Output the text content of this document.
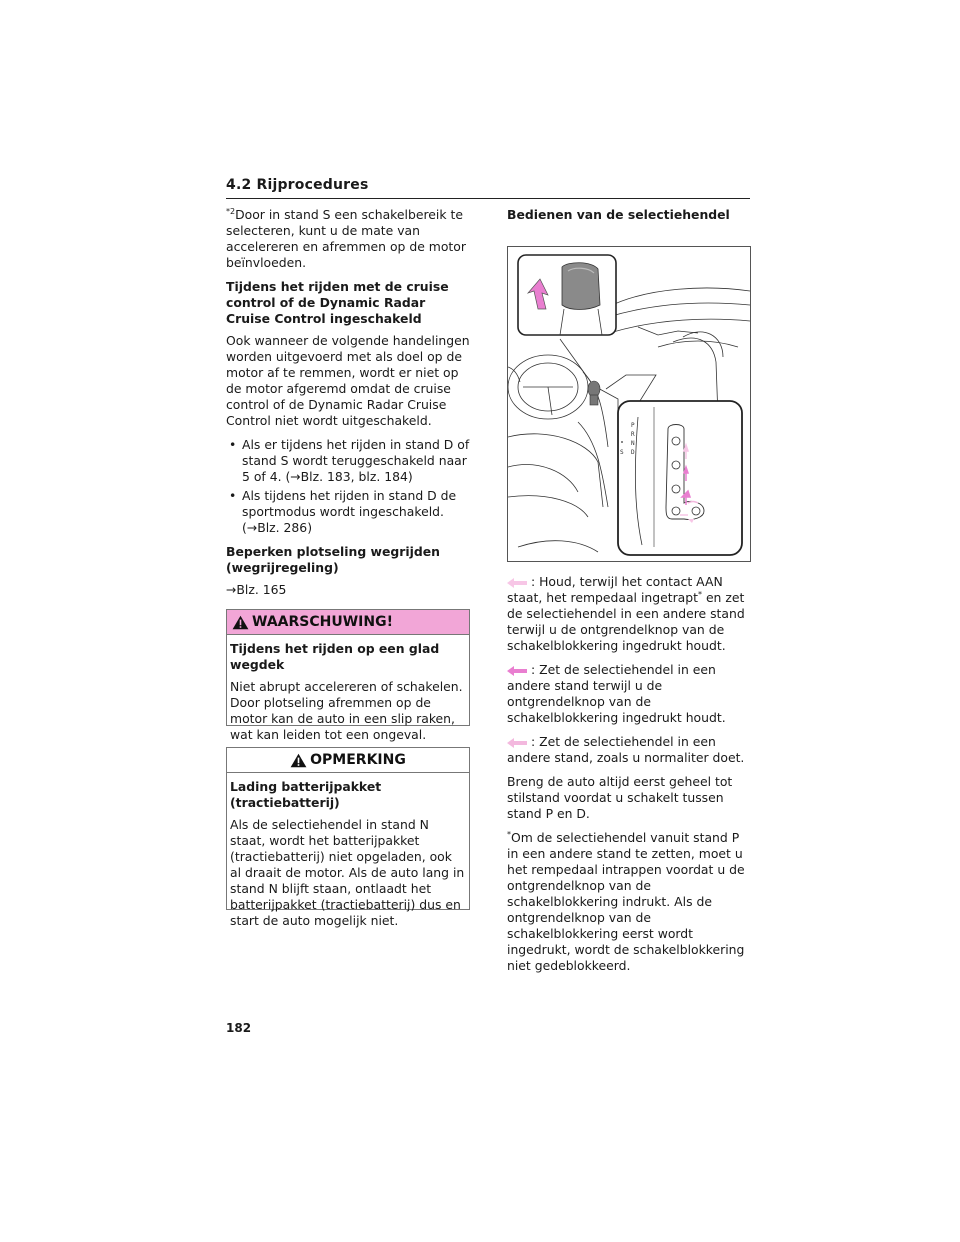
4.2 Rijprocedures

$^{*2}$Door in stand S een schakelbereik te selecteren, kunt u de mate van accelereren en afremmen op de motor beïnvloeden.

Tijdens het rijden met de cruise control of de Dynamic Radar Cruise Control ingeschakeld

Ook wanneer de volgende handelingen worden uitgevoerd met als doel op de motor af te remmen, wordt er niet op de motor afgeremd omdat de cruise control of de Dynamic Radar Cruise Control niet wordt uitgeschakeld.

• Als er tijdens het rijden in stand D of stand S wordt teruggeschakeld naar 5 of 4. (→Blz. 183, blz. 184)
• Als tijdens het rijden in stand D de sportmodus wordt ingeschakeld. (→Blz. 286)

Beperken plotseling wegrijden (wegrijregeling)

→Blz. 165

WAARSCHUWING!

Tijdens het rijden op een glad wegdek

Niet abrupt accelereren of schakelen. Door plotseling afremmen op de motor kan de auto in een slip raken, wat kan leiden tot een ongeval.

OPMERKING

Lading batterijpakket (tractiebatterij)

Als de selectiehendel in stand N staat, wordt het batterijpakket (tractiebatterij) niet opgeladen, ook al draait de motor. Als de auto lang in stand N blijft staan, ontlaadt het batterijpakket (tractiebatterij) dus en start de auto mogelijk niet.

Bedienen van de selectiehendel

P
R
N
D
S

: Houd, terwijl het contact AAN staat, het rempedaal ingetrapt* en zet de selectiehendel in een andere stand terwijl u de ontgrendelknop van de schakelblokkering ingedrukt houdt.

: Zet de selectiehendel in een andere stand terwijl u de ontgrendelknop van de schakelblokkering ingedrukt houdt.

: Zet de selectiehendel in een andere stand, zoals u normaliter doet.

Breng de auto altijd eerst geheel tot stilstand voordat u schakelt tussen stand P en D.

*Om de selectiehendel vanuit stand P in een andere stand te zetten, moet u het rempedaal intrappen voordat u de ontgrendelknop van de schakelblokkering indrukt. Als de ontgrendelknop van de schakelblokkering eerst wordt ingedrukt, wordt de schakelblokkering niet gedeblokkeerd.

182
